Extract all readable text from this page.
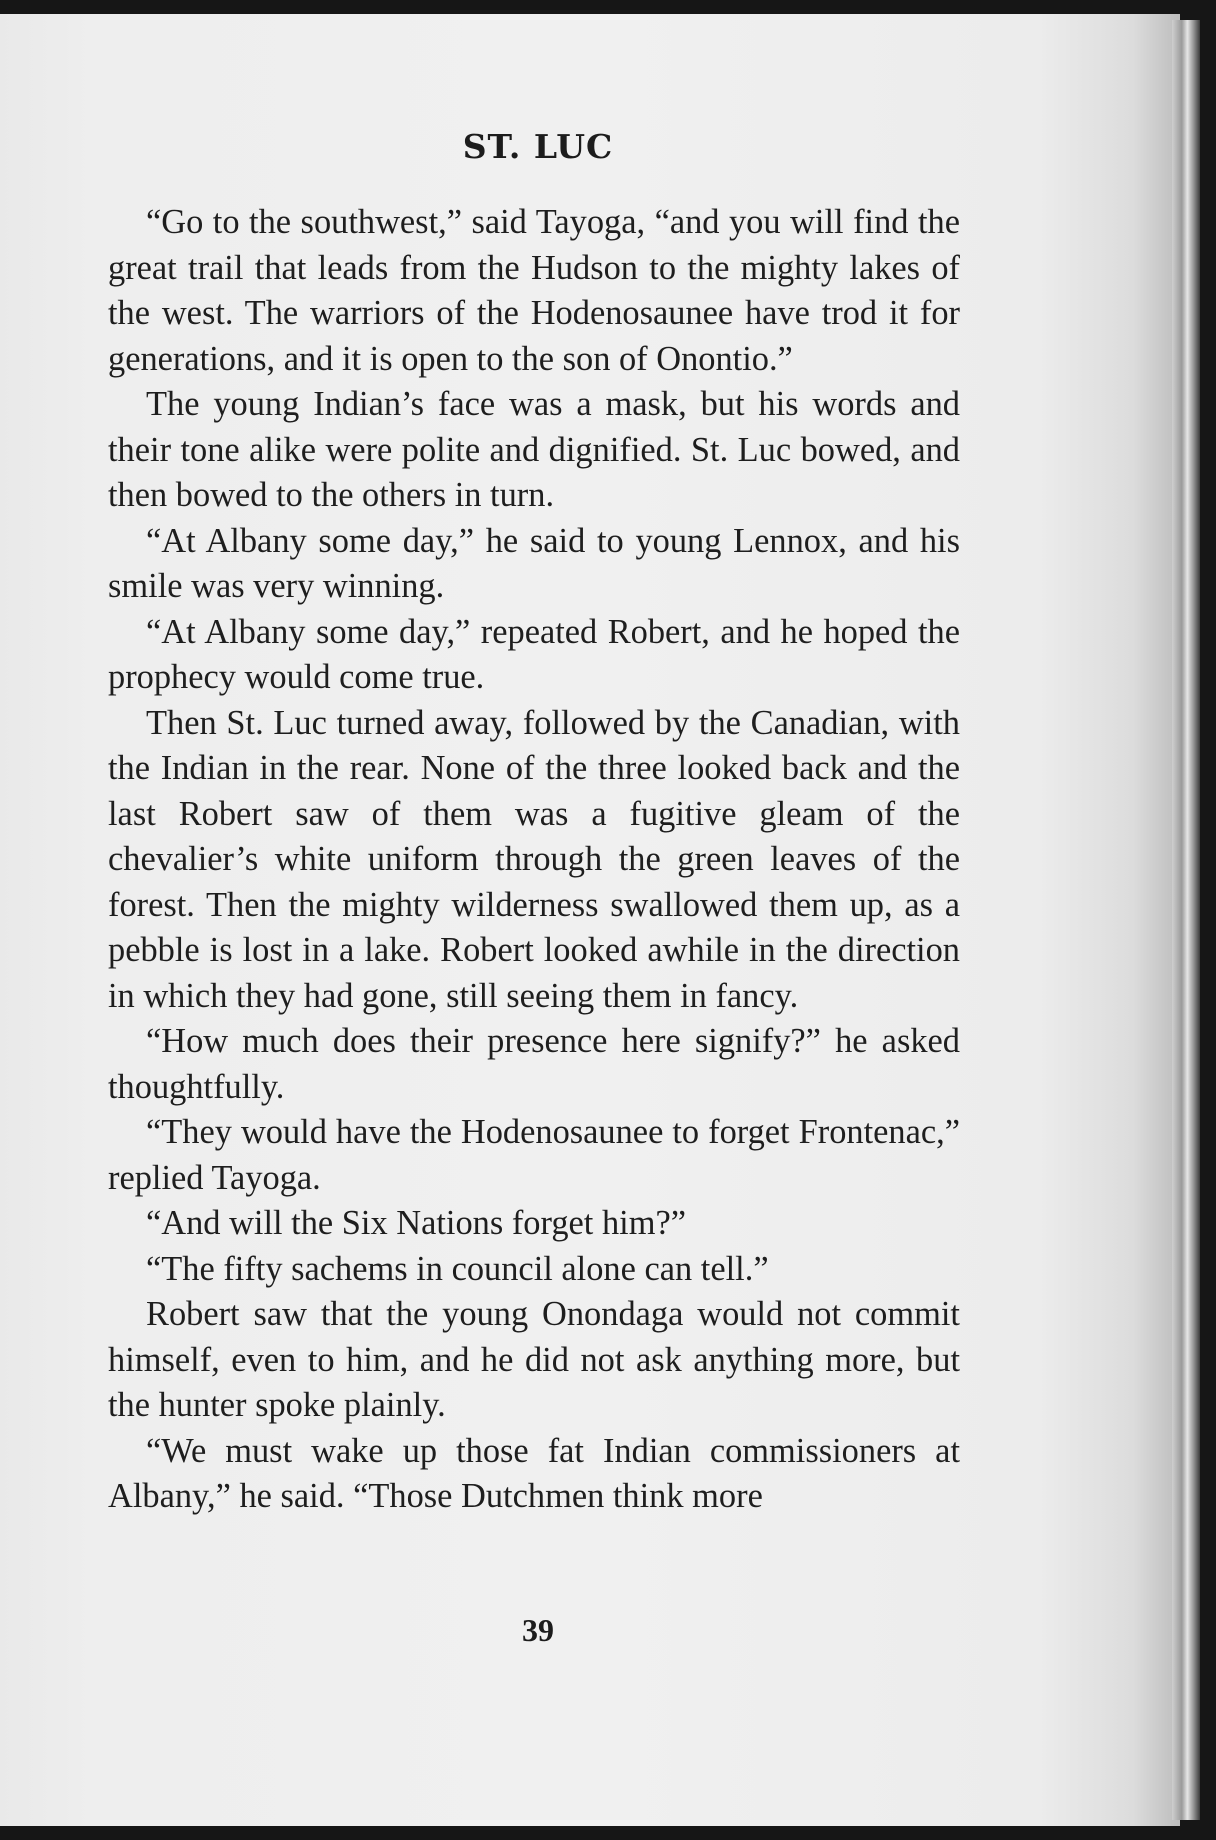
ST. LUC

“Go to the southwest,” said Tayoga, “and you will find the great trail that leads from the Hudson to the mighty lakes of the west. The warriors of the Hodenosaunee have trod it for generations, and it is open to the son of Onontio.”

The young Indian’s face was a mask, but his words and their tone alike were polite and dignified. St. Luc bowed, and then bowed to the others in turn.

“At Albany some day,” he said to young Lennox, and his smile was very winning.

“At Albany some day,” repeated Robert, and he hoped the prophecy would come true.

Then St. Luc turned away, followed by the Canadian, with the Indian in the rear. None of the three looked back and the last Robert saw of them was a fugitive gleam of the chevalier’s white uniform through the green leaves of the forest. Then the mighty wilderness swallowed them up, as a pebble is lost in a lake. Robert looked awhile in the direction in which they had gone, still seeing them in fancy.

“How much does their presence here signify?” he asked thoughtfully.

“They would have the Hodenosaunee to forget Frontenac,” replied Tayoga.

“And will the Six Nations forget him?”

“The fifty sachems in council alone can tell.”

Robert saw that the young Onondaga would not commit himself, even to him, and he did not ask anything more, but the hunter spoke plainly.

“We must wake up those fat Indian commissioners at Albany,” he said. “Those Dutchmen think more

39
